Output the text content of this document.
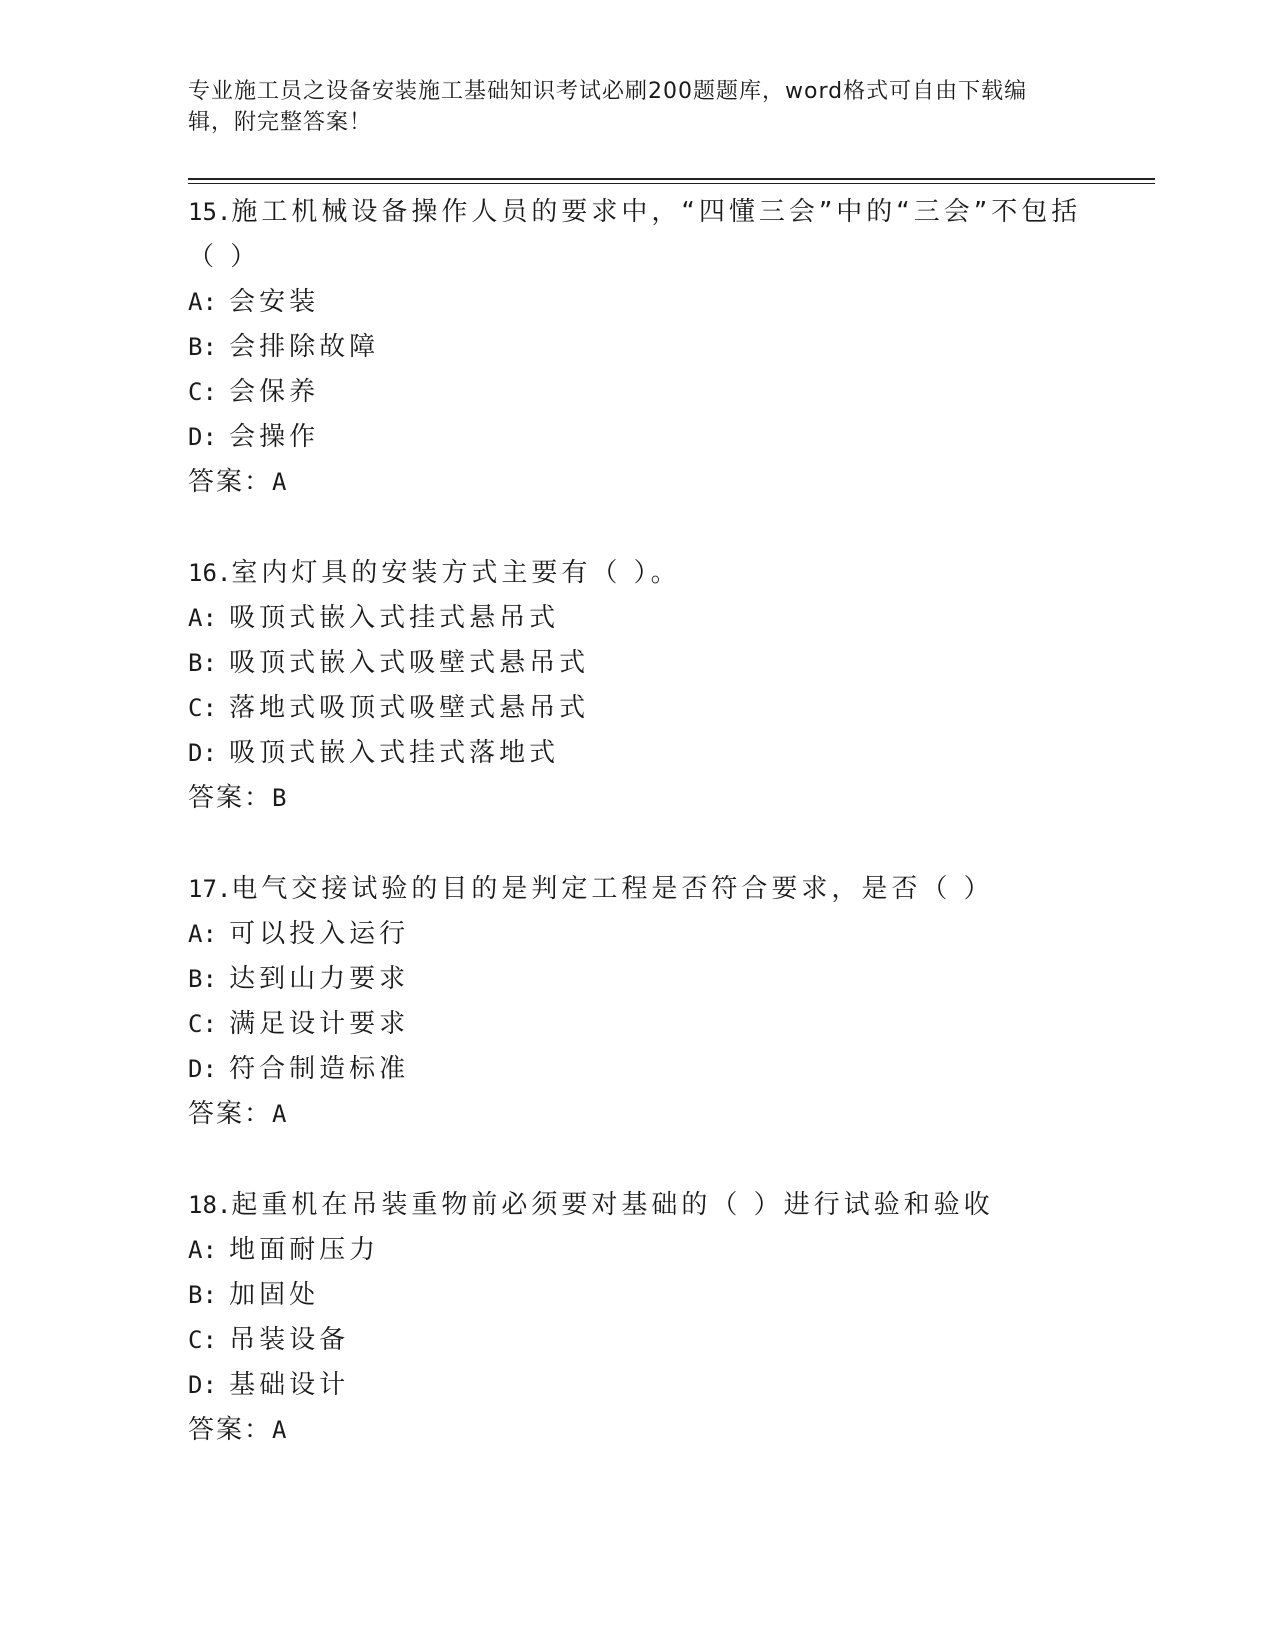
专业施工员之设备安装施工基础知识考试必刷200题题库，word格式可自由下载编辑，附完整答案！
15.施工机械设备操作人员的要求中，“四懂三会”中的“三会”不包括（ ）
A: 会安装
B: 会排除故障
C: 会保养
D: 会操作
答案：A
16.室内灯具的安装方式主要有（ ）。
A: 吸顶式嵌入式挂式悬吊式
B: 吸顶式嵌入式吸壁式悬吊式
C: 落地式吸顶式吸壁式悬吊式
D: 吸顶式嵌入式挂式落地式
答案：B
17.电气交接试验的目的是判定工程是否符合要求，是否（ ）
A: 可以投入运行
B: 达到山力要求
C: 满足设计要求
D: 符合制造标准
答案：A
18.起重机在吊装重物前必须要对基础的（ ）进行试验和验收
A: 地面耐压力
B: 加固处
C: 吊装设备
D: 基础设计
答案：A
